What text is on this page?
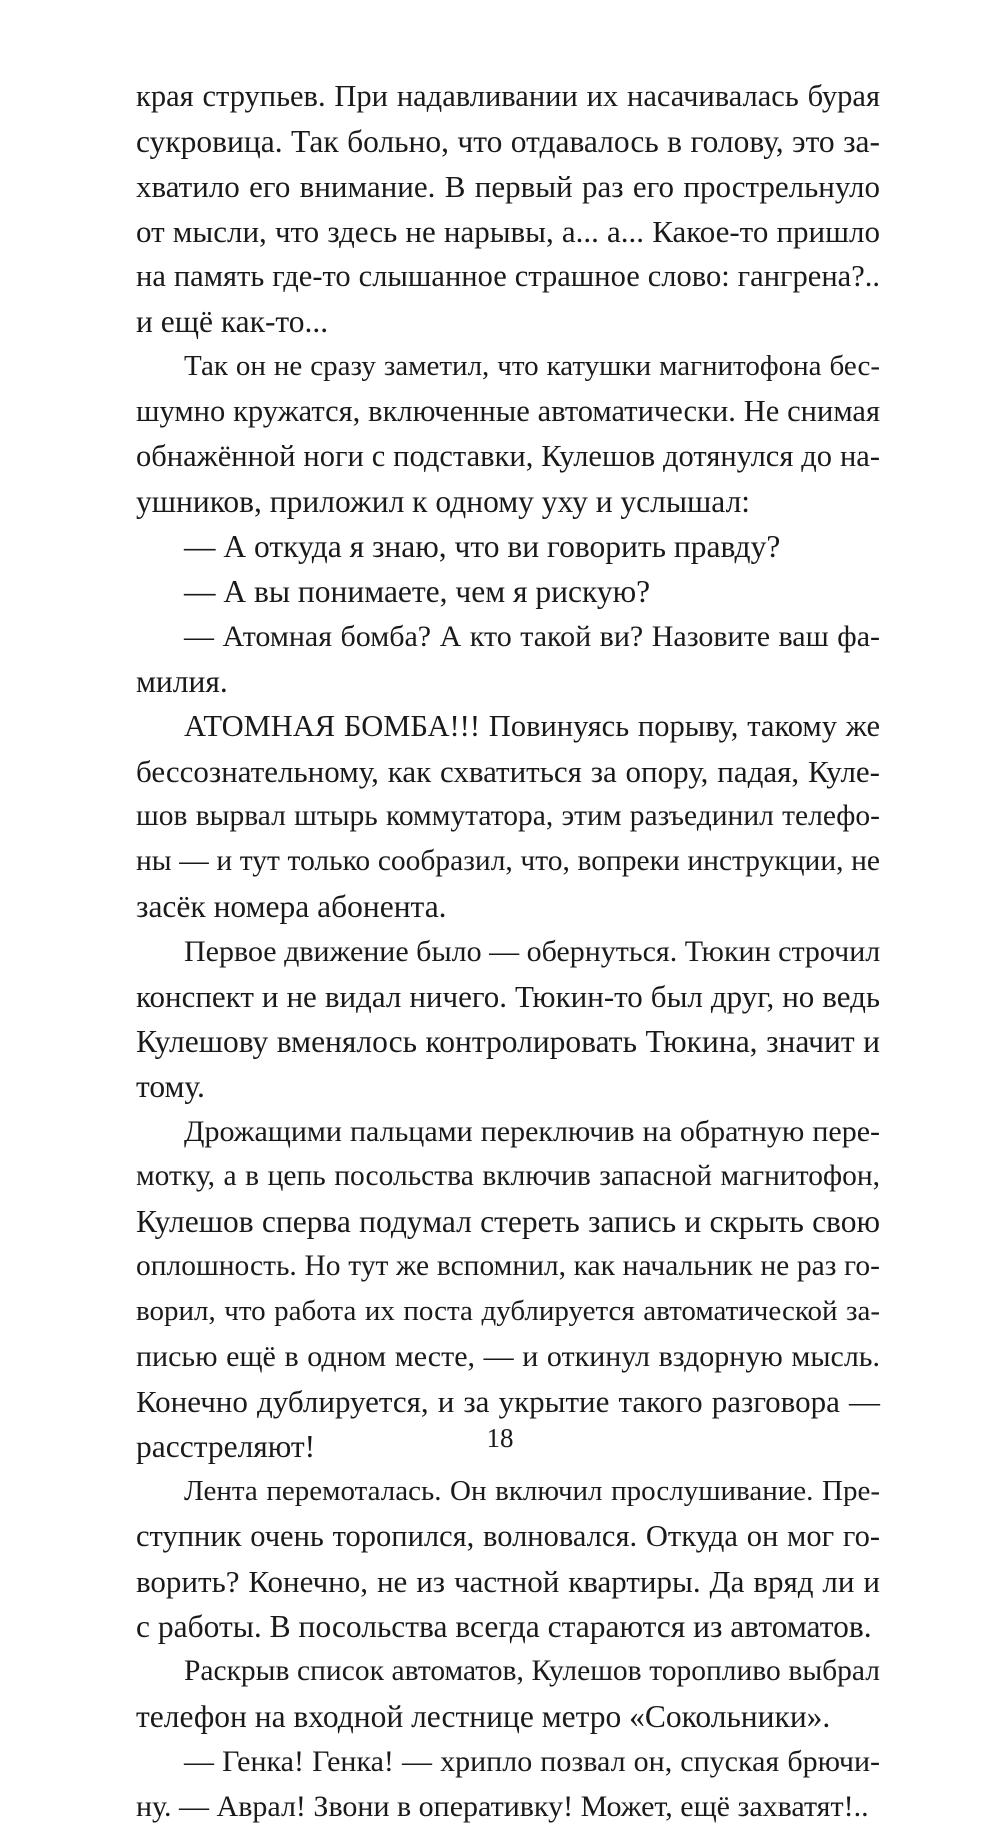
края струпьев. При надавливании их насачивалась бурая
сукровица. Так больно, что отдавалось в голову, это за-
хватило его внимание. В первый раз его прострельнуло
от мысли, что здесь не нарывы, а... а... Какое-то пришло
на память где-то слышанное страшное слово: гангрена?..
и ещё как-то...
Так он не сразу заметил, что катушки магнитофона бес-
шумно кружатся, включенные автоматически. Не снимая
обнажённой ноги с подставки, Кулешов дотянулся до на-
ушников, приложил к одному уху и услышал:
— А откуда я знаю, что ви говорить правду?
— А вы понимаете, чем я рискую?
— Атомная бомба? А кто такой ви? Назовите ваш фа-
милия.
АТОМНАЯ БОМБА!!! Повинуясь порыву, такому же
бессознательному, как схватиться за опору, падая, Куле-
шов вырвал штырь коммутатора, этим разъединил телефо-
ны — и тут только сообразил, что, вопреки инструкции, не
засёк номера абонента.
Первое движение было — обернуться. Тюкин строчил
конспект и не видал ничего. Тюкин-то был друг, но ведь
Кулешову вменялось контролировать Тюкина, значит и
тому.
Дрожащими пальцами переключив на обратную пере-
мотку, а в цепь посольства включив запасной магнитофон,
Кулешов сперва подумал стереть запись и скрыть свою
оплошность. Но тут же вспомнил, как начальник не раз го-
ворил, что работа их поста дублируется автоматической за-
писью ещё в одном месте, — и откинул вздорную мысль.
Конечно дублируется, и за укрытие такого разговора —
расстреляют!
Лента перемоталась. Он включил прослушивание. Пре-
ступник очень торопился, волновался. Откуда он мог го-
ворить? Конечно, не из частной квартиры. Да вряд ли и
с работы. В посольства всегда стараются из автоматов.
Раскрыв список автоматов, Кулешов торопливо выбрал
телефон на входной лестнице метро «Сокольники».
— Генка! Генка! — хрипло позвал он, спуская брючи-
ну. — Аврал! Звони в оперативку! Может, ещё захватят!..
18
